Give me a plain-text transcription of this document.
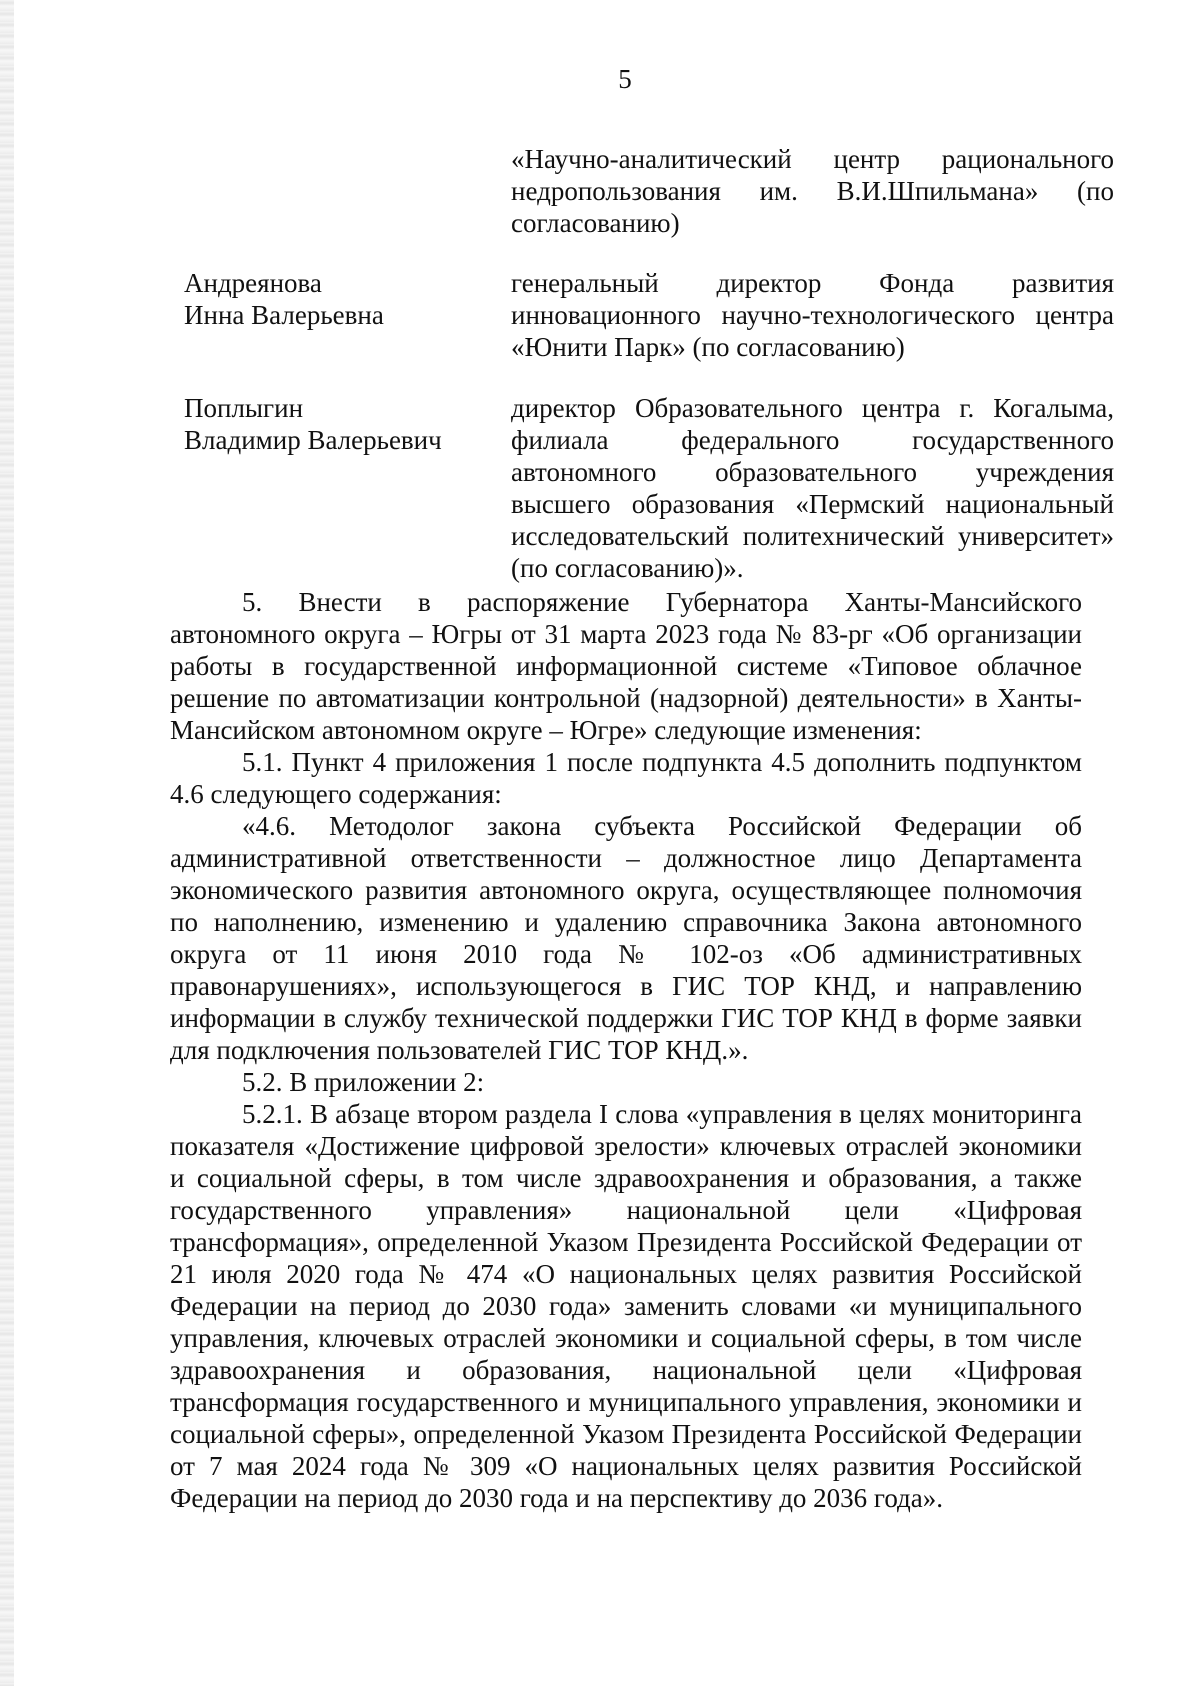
5
«Научно-аналитический центр рационального недропользования им. В.И.Шпильмана» (по согласованию)
Андреянова
Инна Валерьевна
генеральный директор Фонда развития инновационного научно-технологического центра «Юнити Парк» (по согласованию)
Поплыгин
Владимир Валерьевич
директор Образовательного центра г. Когалыма, филиала федерального государственного автономного образовательного учреждения высшего образования «Пермский национальный исследовательский политехнический университет» (по согласованию)».

5. Внести в распоряжение Губернатора Ханты-Мансийского автономного округа – Югры от 31 марта 2023 года № 83-рг «Об организации работы в государственной информационной системе «Типовое облачное решение по автоматизации контрольной (надзорной) деятельности» в Ханты-Мансийском автономном округе – Югре» следующие изменения:

5.1. Пункт 4 приложения 1 после подпункта 4.5 дополнить подпунктом 4.6 следующего содержания:

«4.6. Методолог закона субъекта Российской Федерации об административной ответственности – должностное лицо Департамента экономического развития автономного округа, осуществляющее полномочия по наполнению, изменению и удалению справочника Закона автономного округа от 11 июня 2010 года № 102-оз «Об административных правонарушениях», использующегося в ГИС ТОР КНД, и направлению информации в службу технической поддержки ГИС ТОР КНД в форме заявки для подключения пользователей ГИС ТОР КНД.».

5.2. В приложении 2:

5.2.1. В абзаце втором раздела I слова «управления в целях мониторинга показателя «Достижение цифровой зрелости» ключевых отраслей экономики и социальной сферы, в том числе здравоохранения и образования, а также государственного управления» национальной цели «Цифровая трансформация», определенной Указом Президента Российской Федерации от 21 июля 2020 года № 474 «О национальных целях развития Российской Федерации на период до 2030 года» заменить словами «и муниципального управления, ключевых отраслей экономики и социальной сферы, в том числе здравоохранения и образования, национальной цели «Цифровая трансформация государственного и муниципального управления, экономики и социальной сферы», определенной Указом Президента Российской Федерации от 7 мая 2024 года № 309 «О национальных целях развития Российской Федерации на период до 2030 года и на перспективу до 2036 года».
